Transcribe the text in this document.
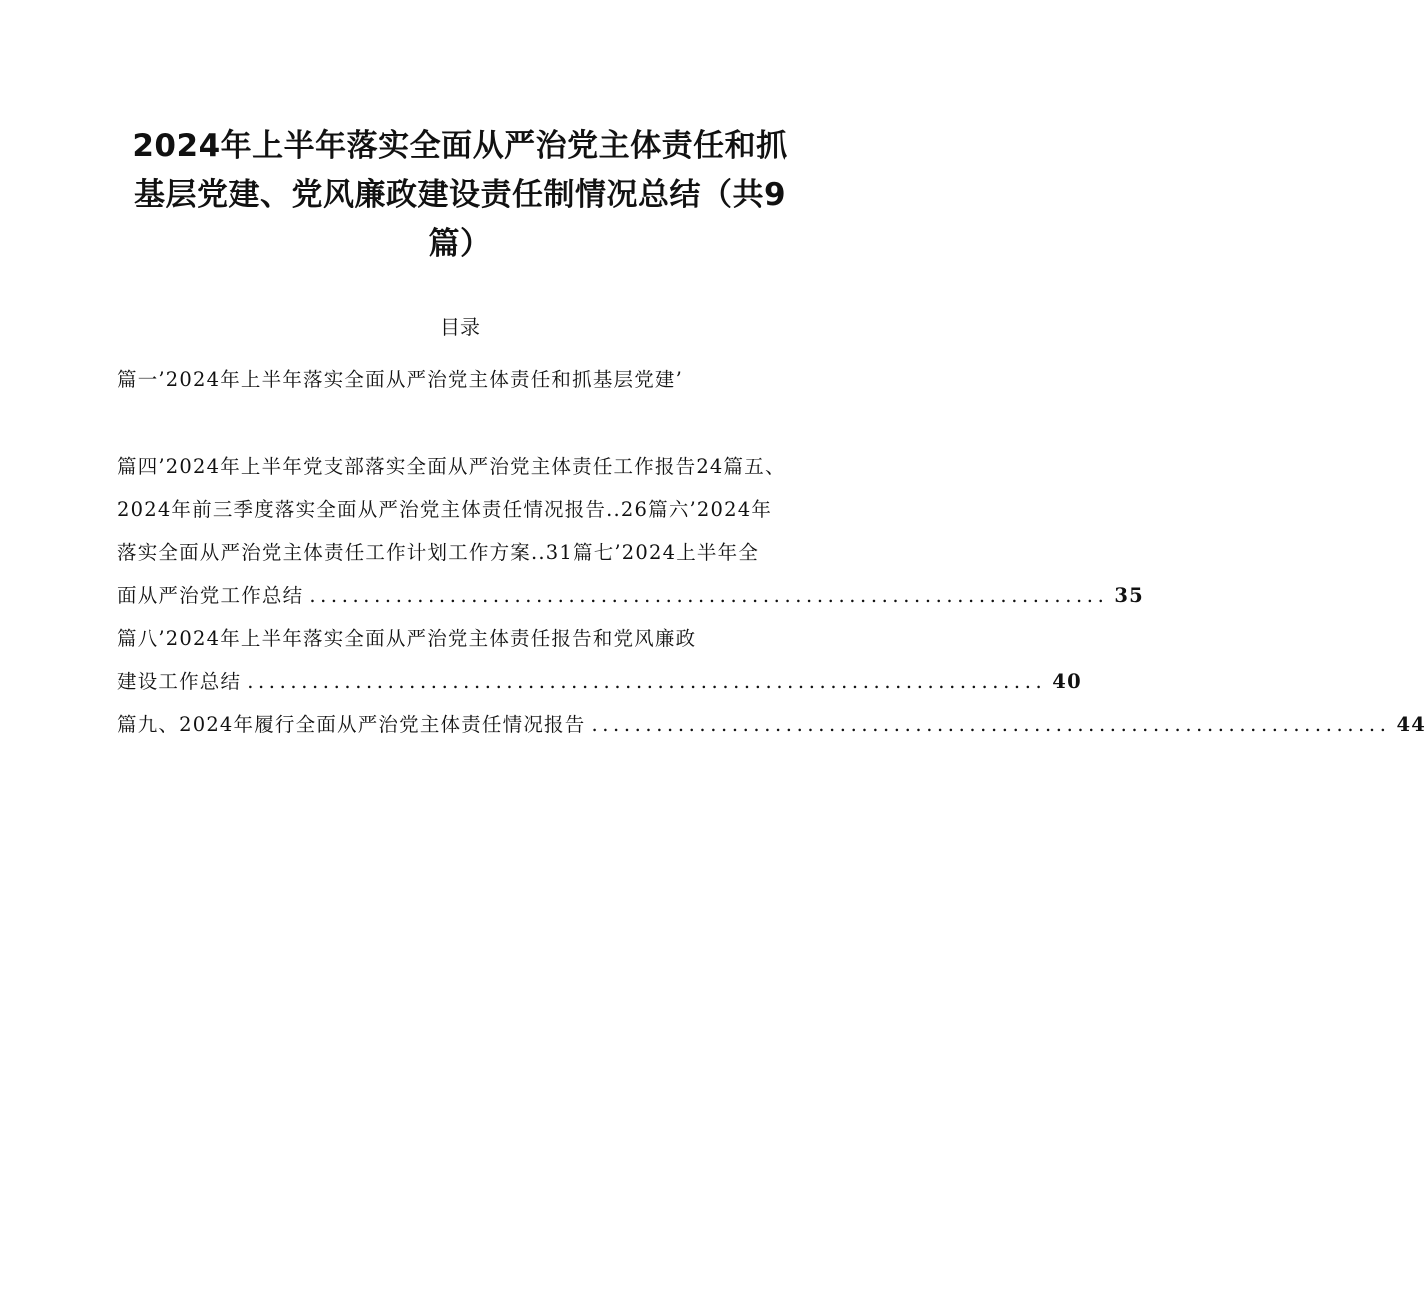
2024年上半年落实全面从严治党主体责任和抓
基层党建、党风廉政建设责任制情况总结（共9
篇）
目录
篇一’2024年上半年落实全面从严治党主体责任和抓基层党建’
篇四’2024年上半年党支部落实全面从严治党主体责任工作报告24篇五、
2024年前三季度落实全面从严治党主体责任情况报告..26篇六’2024年
落实全面从严治党主体责任工作计划工作方案..31篇七’2024上半年全
面从严治党工作总结 .......................................................................... 35
篇八’2024年上半年落实全面从严治党主体责任报告和党风廉政
建设工作总结 .......................................................................... 40
篇九、2024年履行全面从严治党主体责任情况报告 .......................................................................... 44
